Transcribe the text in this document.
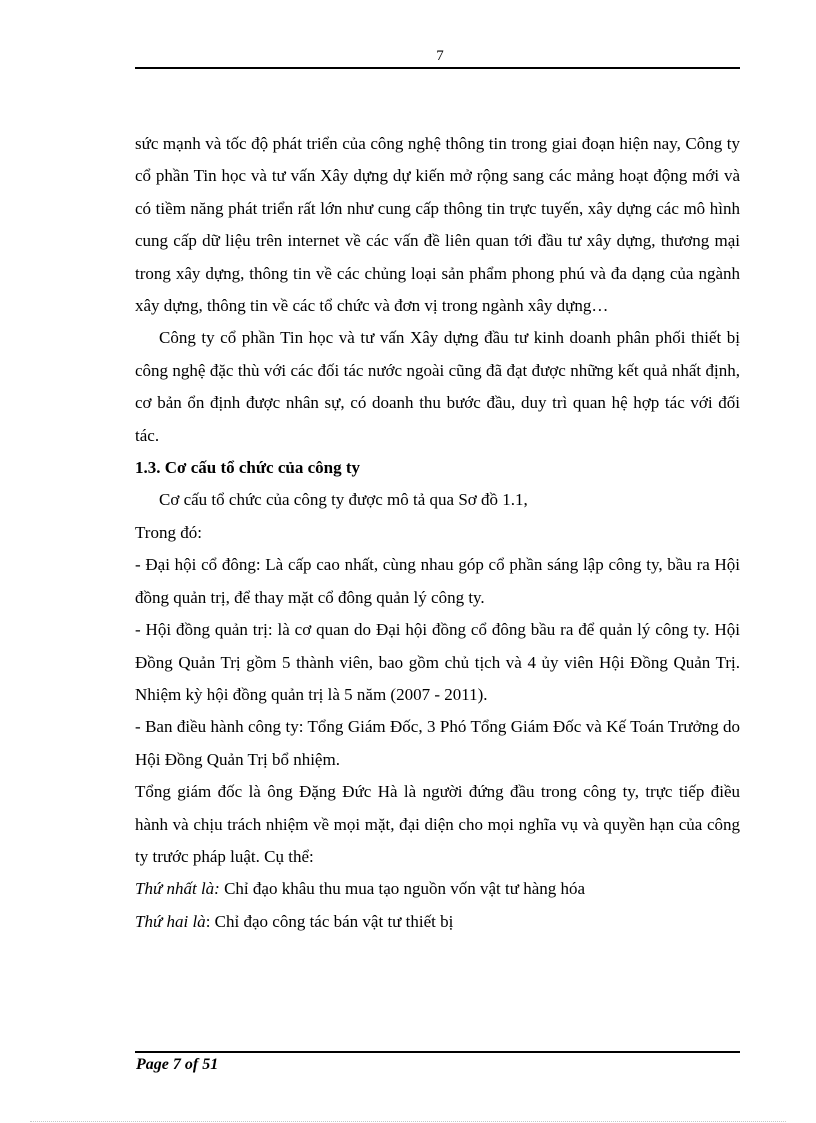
7

sức mạnh và tốc độ phát triển của công nghệ thông tin trong giai đoạn hiện nay, Công ty cổ phần Tin học và tư vấn Xây dựng dự kiến mở rộng sang các mảng hoạt động mới và có tiềm năng phát triển rất lớn như cung cấp thông tin trực tuyến, xây dựng các mô hình cung cấp dữ liệu trên internet về các vấn đề liên quan tới đầu tư xây dựng, thương mại trong xây dựng, thông tin về các chủng loại sản phẩm phong phú và đa dạng của ngành xây dựng, thông tin về các tổ chức và đơn vị trong ngành xây dựng…

Công ty cổ phần Tin học và tư vấn Xây dựng đầu tư kinh doanh phân phối thiết bị công nghệ đặc thù với các đối tác nước ngoài cũng đã đạt được những kết quả nhất định, cơ bản ổn định được nhân sự, có doanh thu bước đầu, duy trì quan hệ hợp tác với đối tác.

1.3. Cơ cấu tổ chức của công ty

Cơ cấu tổ chức của công ty được mô tả qua Sơ đồ 1.1,

Trong đó:

- Đại hội cổ đông: Là cấp cao nhất, cùng nhau góp cổ phần sáng lập công ty, bầu ra Hội đồng quản trị, để thay mặt cổ đông quản lý công ty.

- Hội đồng quản trị: là cơ quan do Đại hội đồng cổ đông bầu ra để quản lý công ty. Hội Đồng Quản Trị gồm 5 thành viên, bao gồm chủ tịch và 4 ủy viên Hội Đồng Quản Trị. Nhiệm kỳ hội đồng quản trị là 5 năm (2007 - 2011).

- Ban điều hành công ty: Tổng Giám Đốc, 3 Phó Tổng Giám Đốc và Kế Toán Trưởng do Hội Đồng Quản Trị bổ nhiệm.

Tổng giám đốc là ông Đặng Đức Hà là người đứng đầu trong công ty, trực tiếp điều hành và chịu trách nhiệm về mọi mặt, đại diện cho mọi nghĩa vụ và quyền hạn của công ty trước pháp luật. Cụ thể:

Thứ nhất là: Chỉ đạo khâu thu mua tạo nguồn vốn vật tư hàng hóa

Thứ hai là: Chỉ đạo công tác bán vật tư thiết bị

Page 7 of 51
